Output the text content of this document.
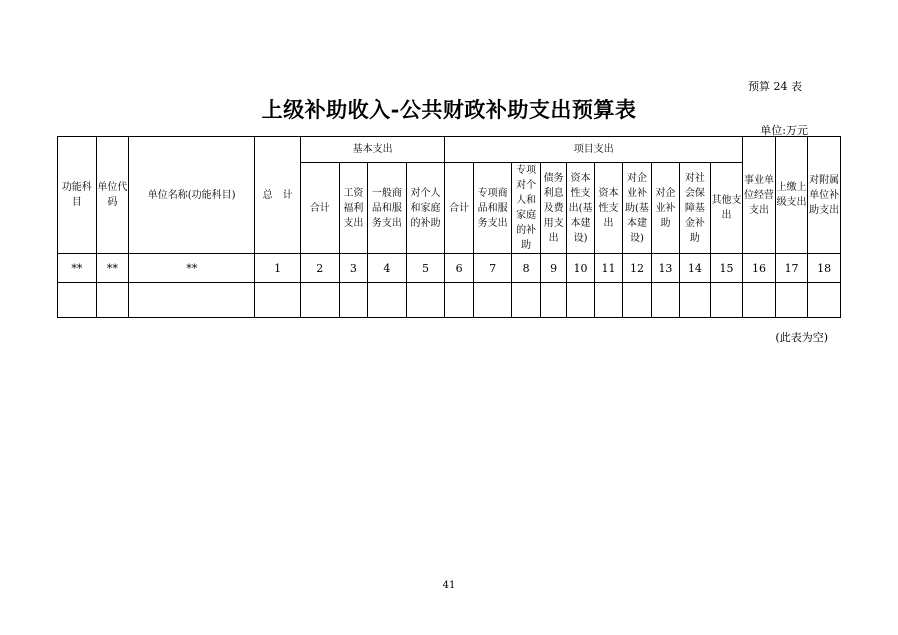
预算 24 表
上级补助收入-公共财政补助支出预算表
单位:万元
功能科目	单位代码	单位名称(功能科目)	总　计	基本支出				项目支出										事业单位经营支出	上缴上级支出	对附属单位补助支出
				合计	工资福利支出	一般商品和服务支出	对个人和家庭的补助	合计	专项商品和服务支出	专项对个人和家庭的补助	债务利息及费用支出	资本性支出(基本建设)	资本性支出	对企业补助(基本建设)	对企业补助	对社会保障基金补助	其他支出			
**	**	**	1	2	3	4	5	6	7	8	9	10	11	12	13	14	15	16	17	18

(此表为空)
41
